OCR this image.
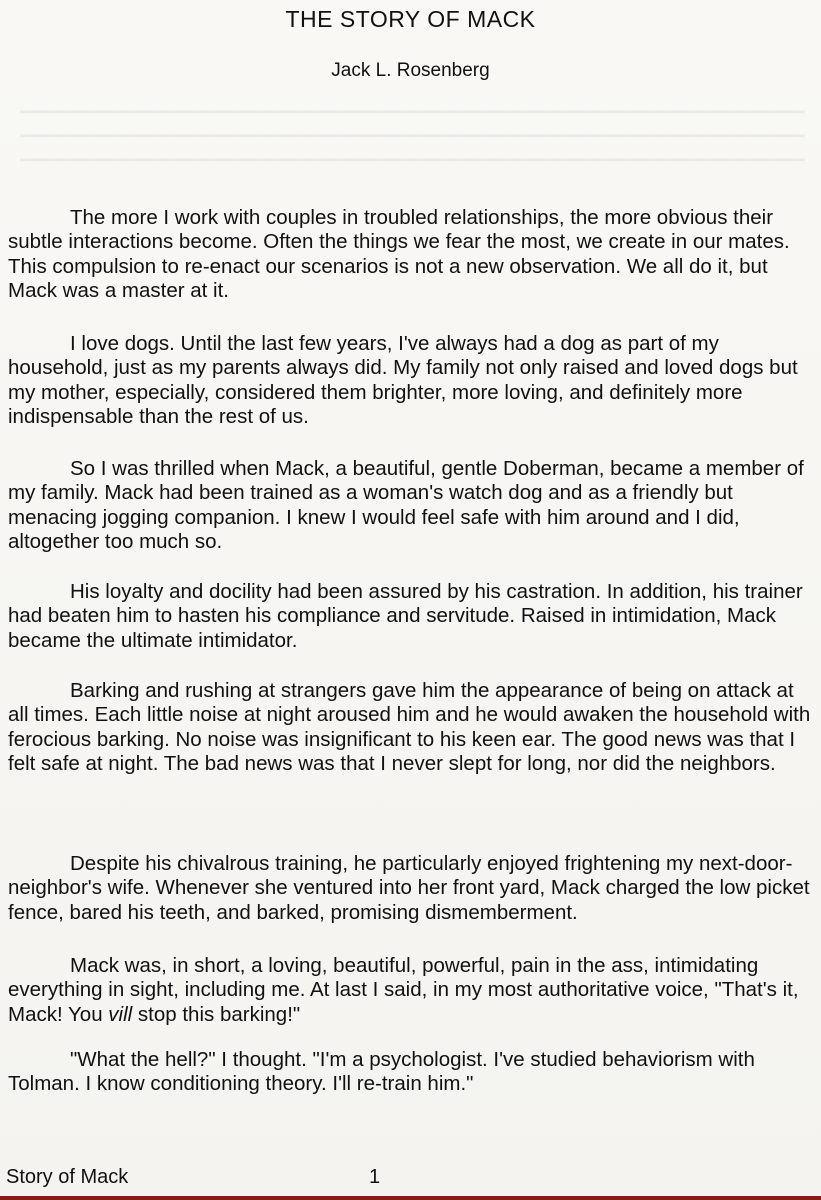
▁▁▁▁▁▁▁▁▁▁▁▁▁▁▁▁▁▁▁▁▁▁▁▁▁▁▁▁▁▁▁▁▁▁▁▁▁▁▁▁▁▁▁▁▁▁▁▁▁▁▁▁▁▁▁▁▁▁▁▁
▁▁▁▁▁▁▁▁▁▁▁▁▁▁▁▁▁▁▁▁▁▁▁▁▁▁▁▁▁▁▁▁▁▁▁▁▁▁▁▁▁▁▁▁▁▁▁▁▁▁▁▁▁▁▁▁▁▁▁▁
▁▁▁▁▁▁▁▁▁▁▁▁▁▁▁▁▁▁▁▁▁▁▁▁▁▁▁▁▁▁▁▁▁▁▁▁▁▁▁▁▁▁▁▁▁▁▁▁▁▁▁▁▁▁▁▁▁▁▁▁
THE STORY OF MACK
Jack L. Rosenberg

The more I work with couples in troubled relationships, the more obvious their subtle interactions become. Often the things we fear the most, we create in our mates. This compulsion to re-enact our scenarios is not a new observation. We all do it, but Mack was a master at it.

I love dogs. Until the last few years, I've always had a dog as part of my household, just as my parents always did. My family not only raised and loved dogs but my mother, especially, considered them brighter, more loving, and definitely more indispensable than the rest of us.

So I was thrilled when Mack, a beautiful, gentle Doberman, became a member of my family. Mack had been trained as a woman's watch dog and as a friendly but menacing jogging companion. I knew I would feel safe with him around and I did, altogether too much so.

His loyalty and docility had been assured by his castration. In addition, his trainer had beaten him to hasten his compliance and servitude. Raised in intimidation, Mack became the ultimate intimidator.

Barking and rushing at strangers gave him the appearance of being on attack at all times. Each little noise at night aroused him and he would awaken the household with ferocious barking. No noise was insignificant to his keen ear. The good news was that I felt safe at night. The bad news was that I never slept for long, nor did the neighbors.

Despite his chivalrous training, he particularly enjoyed frightening my next-door-neighbor's wife. Whenever she ventured into her front yard, Mack charged the low picket fence, bared his teeth, and barked, promising dismemberment.

Mack was, in short, a loving, beautiful, powerful, pain in the ass, intimidating everything in sight, including me. At last I said, in my most authoritative voice, "That's it, Mack! You vill stop this barking!"

"What the hell?" I thought. "I'm a psychologist. I've studied behaviorism with Tolman. I know conditioning theory. I'll re-train him."

Story of Mack	1
